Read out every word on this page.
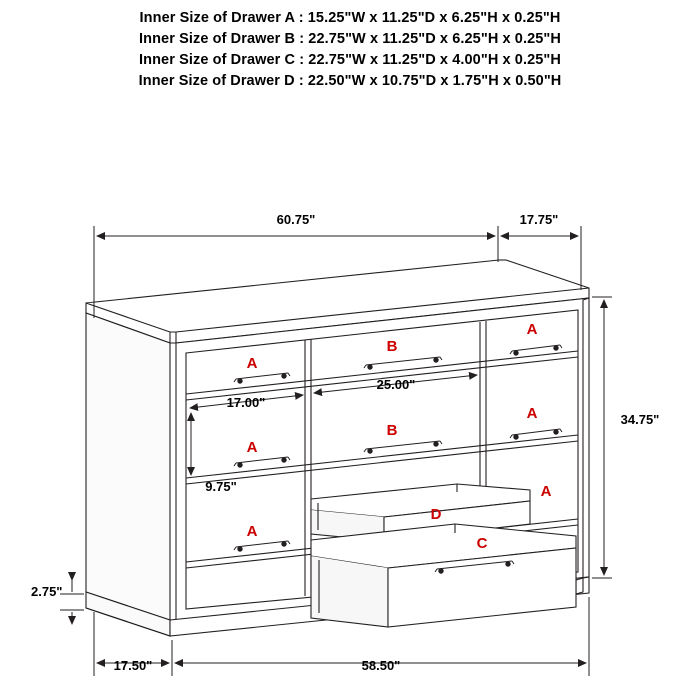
Inner Size of Drawer A : 15.25"W x 11.25"D x 6.25"H x 0.25"H
Inner Size of Drawer B : 22.75"W x 11.25"D x 6.25"H x 0.25"H
Inner Size of Drawer C : 22.75"W x 11.25"D x 4.00"H x 0.25"H
Inner Size of Drawer D : 22.50"W x 10.75"D x 1.75"H x 0.50"H
60.75"	17.75"
17.00"
25.00"
34.75"
9.75"
2.75"
17.50"	58.50"
A
B
A
A
B
A
A
A
D
C
